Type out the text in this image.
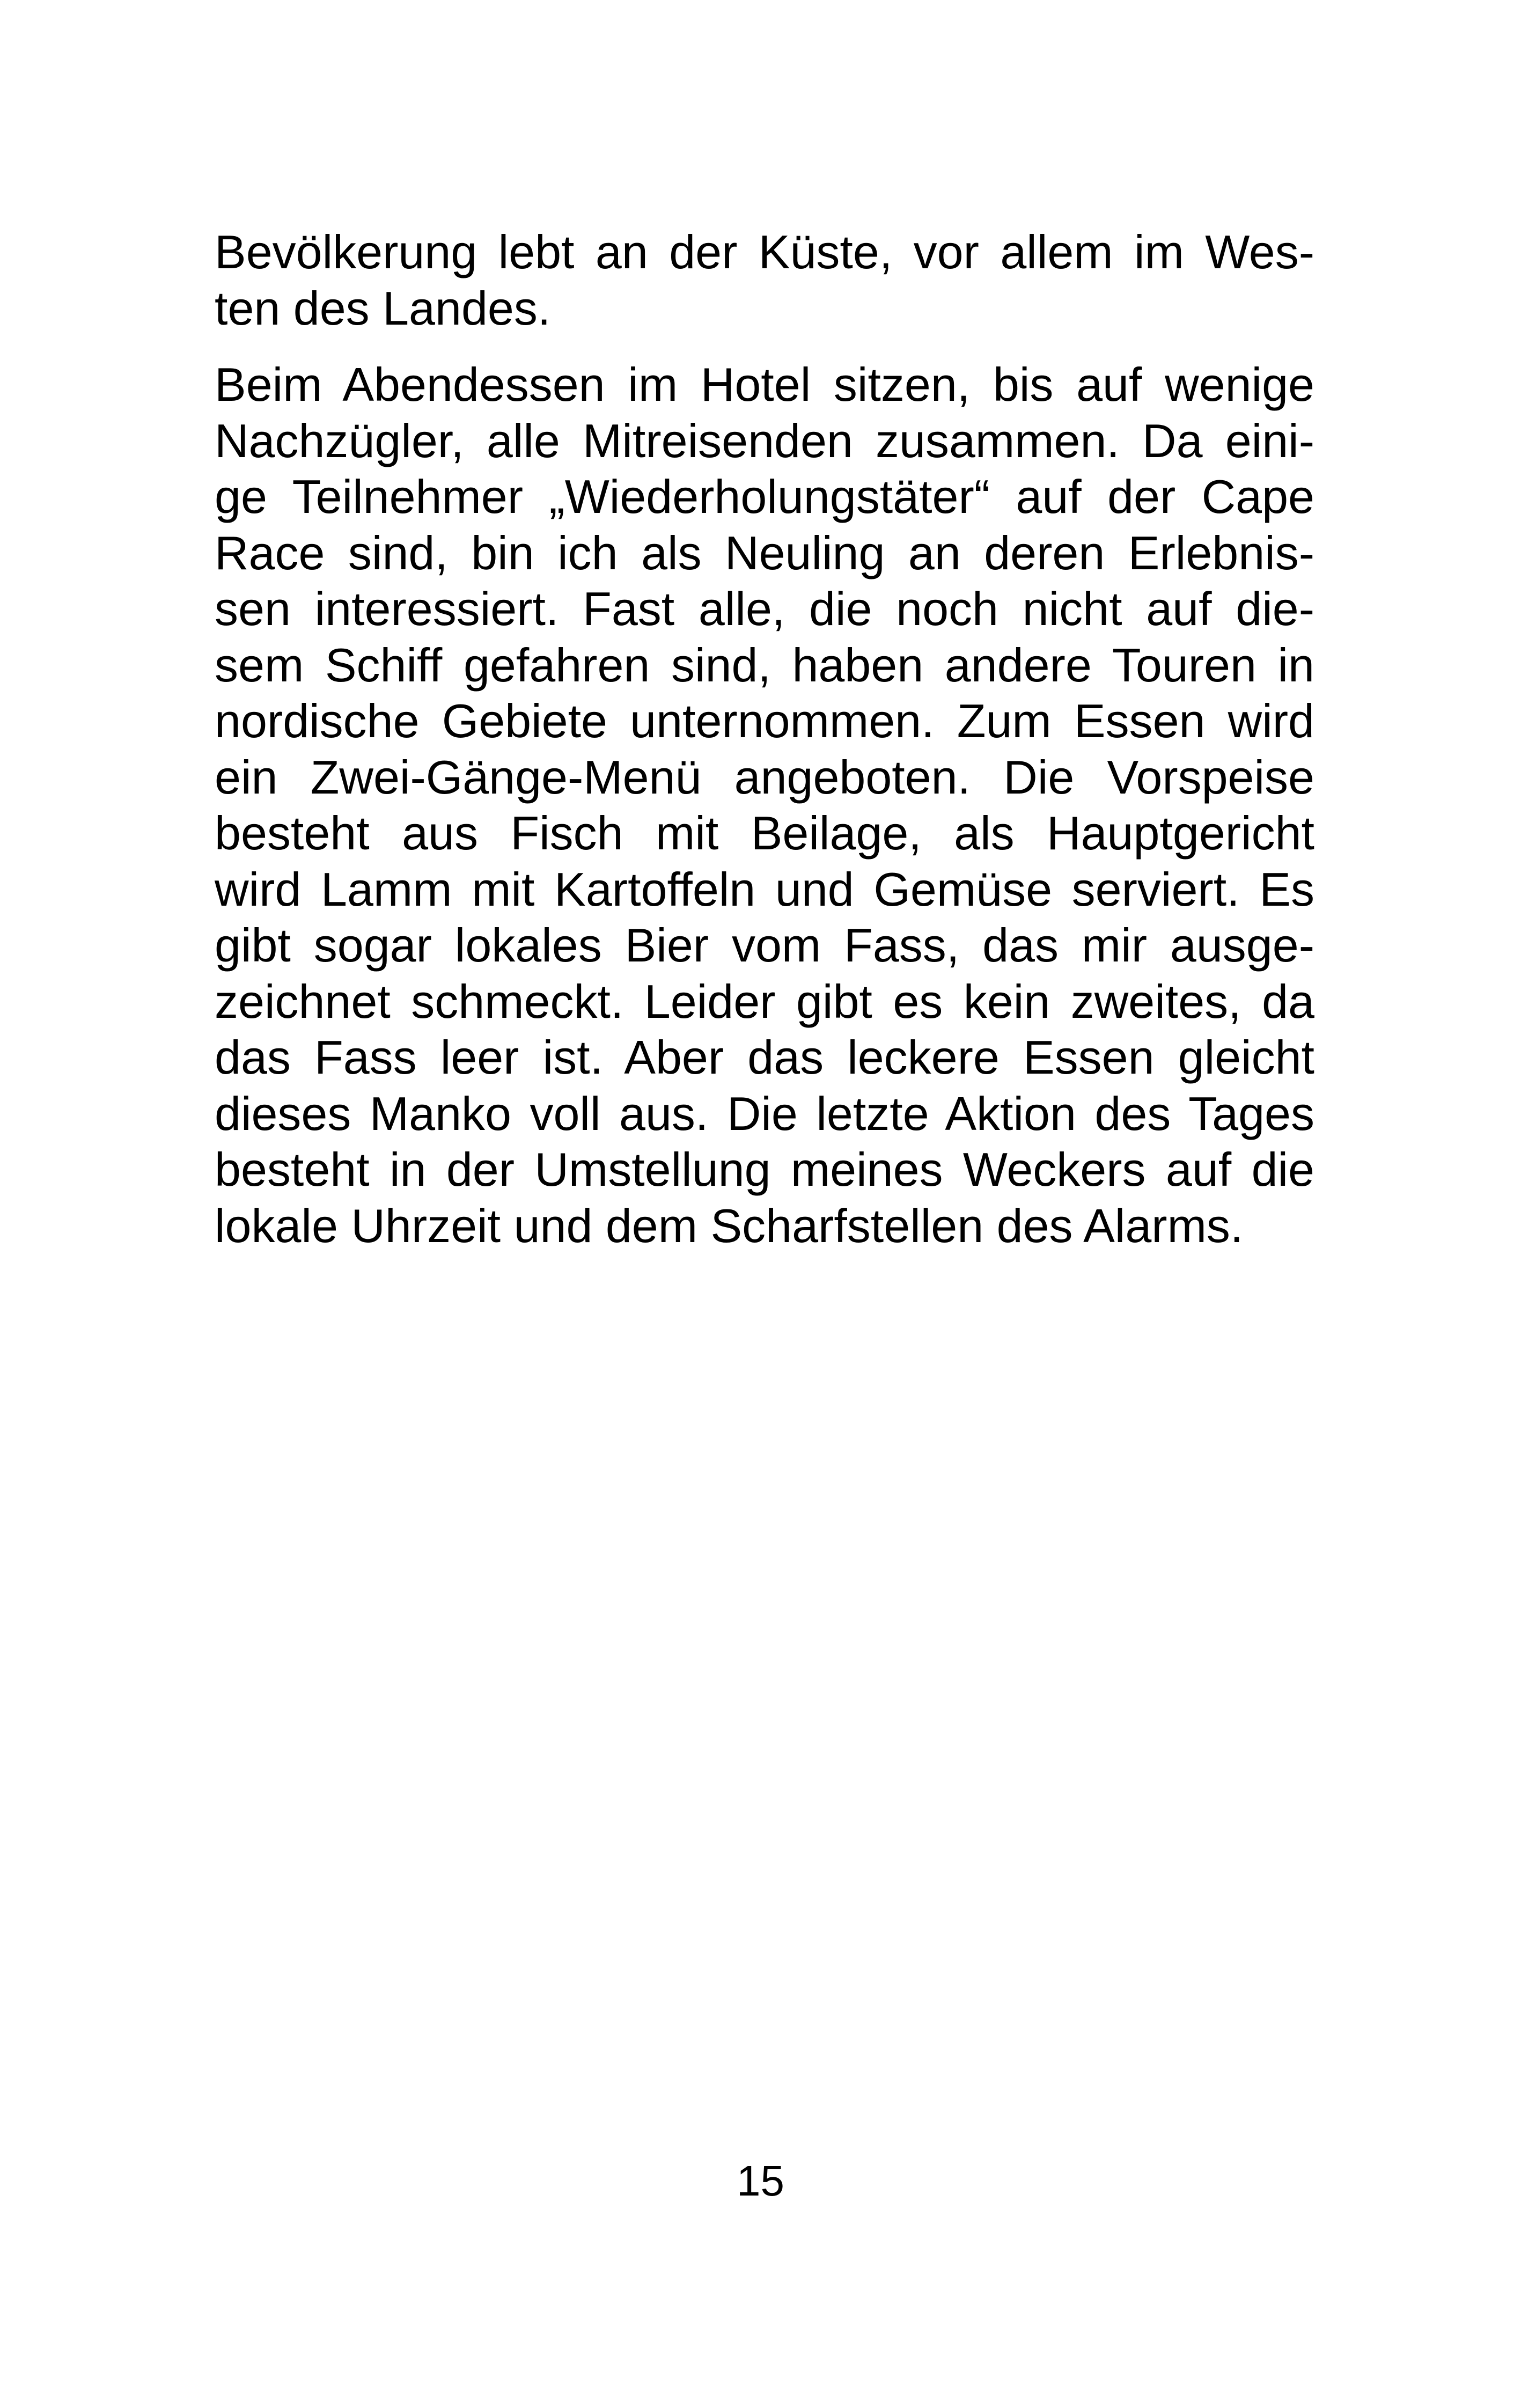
Bevölkerung lebt an der Küste, vor allem im Wes-
ten des Landes.
Beim Abendessen im Hotel sitzen, bis auf wenige
Nachzügler, alle Mitreisenden zusammen. Da eini-
ge Teilnehmer „Wiederholungstäter“ auf der Cape
Race sind, bin ich als Neuling an deren Erlebnis-
sen interessiert. Fast alle, die noch nicht auf die-
sem Schiff gefahren sind, haben andere Touren in
nordische Gebiete unternommen. Zum Essen wird
ein Zwei-Gänge-Menü angeboten. Die Vorspeise
besteht aus Fisch mit Beilage, als Hauptgericht
wird Lamm mit Kartoffeln und Gemüse serviert. Es
gibt sogar lokales Bier vom Fass, das mir ausge-
zeichnet schmeckt. Leider gibt es kein zweites, da
das Fass leer ist. Aber das leckere Essen gleicht
dieses Manko voll aus. Die letzte Aktion des Tages
besteht in der Umstellung meines Weckers auf die
lokale Uhrzeit und dem Scharfstellen des Alarms.
15
